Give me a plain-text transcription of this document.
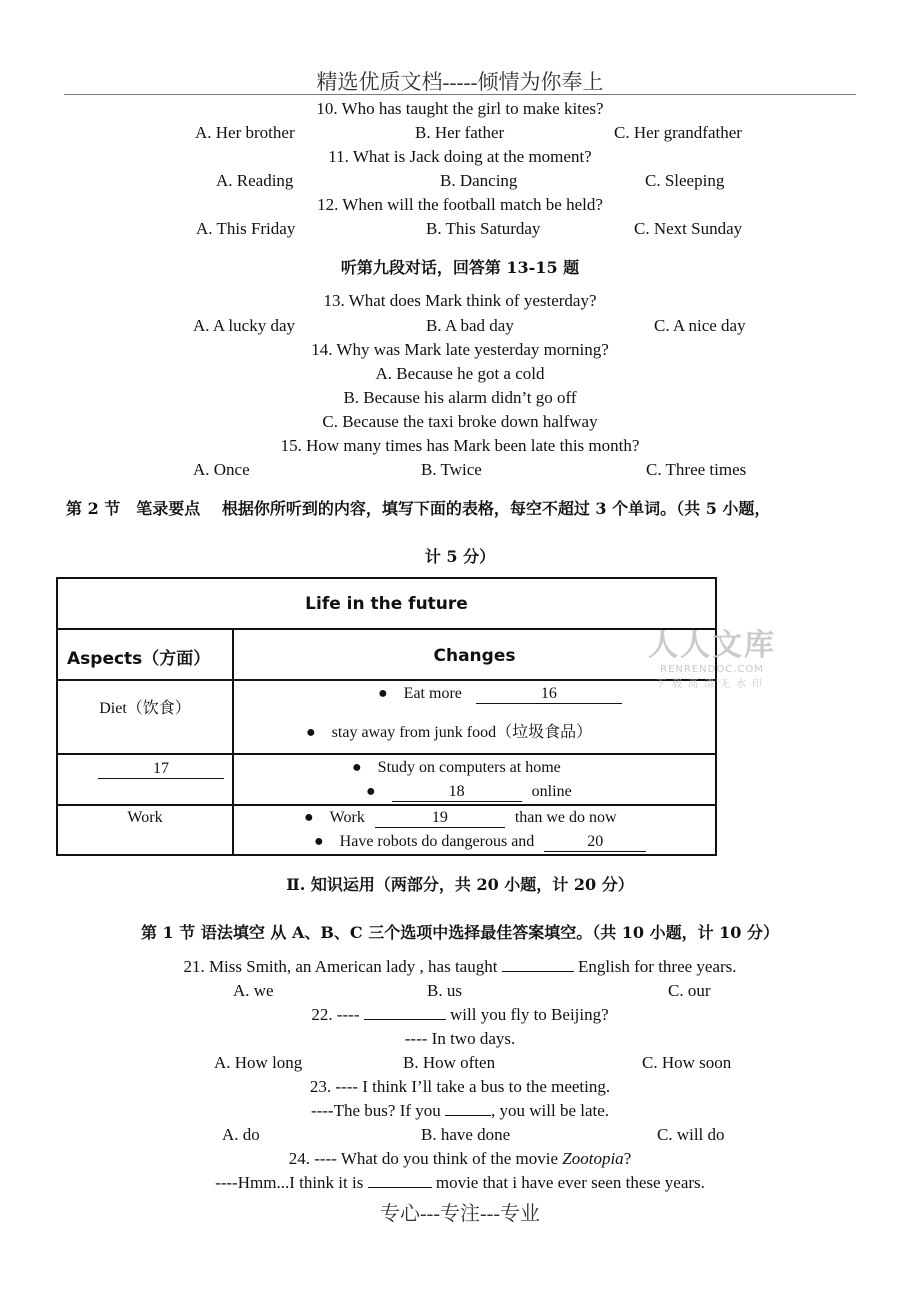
精选优质文档-----倾情为你奉上
10. Who has taught the girl to make kites?
A. Her brother	B. Her father	C. Her grandfather
11. What is Jack doing at the moment?
A. Reading	B. Dancing	C. Sleeping
12. When will the football match be held?
A. This Friday	B. This Saturday	C. Next Sunday
听第九段对话，回答第 13-15 题
13. What does Mark think of yesterday?
A. A lucky day	B. A bad day	C. A nice day
14. Why was Mark late yesterday morning?
A. Because he got a cold
B. Because his alarm didn’t go off
C. Because the taxi broke down halfway
15. How many times has Mark been late this month?
A. Once	B. Twice	C. Three times
第 2 节　笔录要点　 根据你所听到的内容，填写下面的表格，每空不超过 3 个单词。（共 5 小题，
计 5 分）
Life in the future
Aspects（方面）	Changes
Diet（饮食）
● Eat more	16
● stay away from junk food（垃圾食品）
17	● Study on computers at home
●	18	online
Work	● Work	19	than we do now
● Have robots do dangerous and	20
人人文库
RENRENDOC.COM
下载高清无水印
Ⅱ. 知识运用（两部分，共 20 小题，计 20 分）
第 1 节 语法填空 从 A、B、C 三个选项中选择最佳答案填空。（共 10 小题，计 10 分）
21. Miss Smith, an American lady , has taught	English for three years.
A. we	B. us	C. our
22. ----	will you fly to Beijing?
---- In two days.
A. How long	B. How often	C. How soon
23. ---- I think I’ll take a bus to the meeting.
----The bus? If you	, you will be late.
A. do	B. have done	C. will do
24. ---- What do you think of the movie Zootopia?
----Hmm...I think it is	movie that i have ever seen these years.
专心---专注---专业
